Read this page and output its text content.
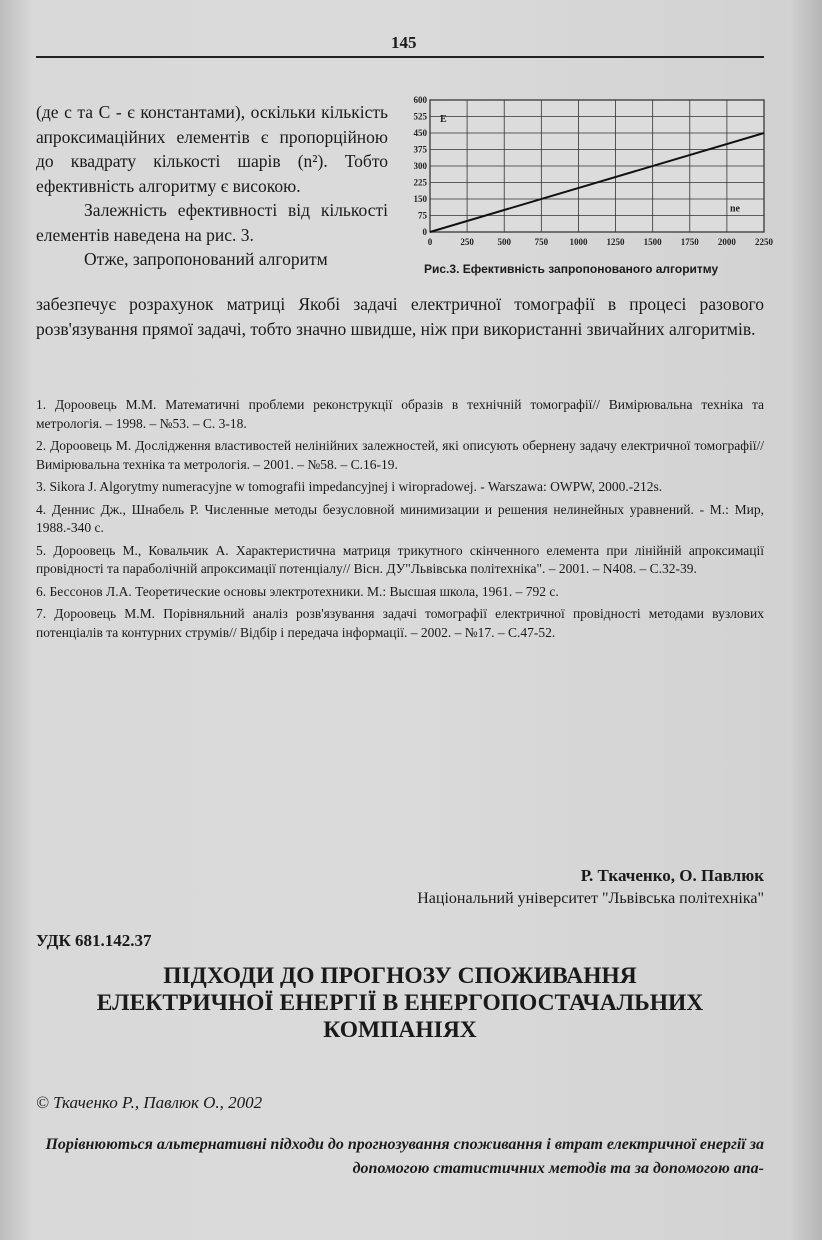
145

(де c та C - є константами), оскільки кількість апроксимаційних елементів є пропорційною до квадрату кількості шарів (n²). Тобто ефективність алгоритму є високою.

Залежність ефективності від кількості елементів наведена на рис. 3.

Отже, запропонований алгоритм

0
75
150
225
300
375
450
525
600
0	250	500	750 1000 1250 1500 1750 2000 2250
E
ne
Рис.3. Ефективність запропонованого алгоритму

забезпечує розрахунок матриці Якобі задачі електричної томографії в процесі разового розв'язування прямої задачі, тобто значно швидше, ніж при використанні звичайних алгоритмів.

1. Дороовець М.М. Математичні проблеми реконструкції образів в технічній томографії// Вимірювальна техніка та метрологія. – 1998. – №53. – С. 3-18.

2. Дороовець М. Дослідження властивостей нелінійних залежностей, які описують обернену задачу електричної томографії// Вимірювальна техніка та метрологія. – 2001. – №58. – С.16-19.

3. Sikora J. Algorytmy numeracyjne w tomografii impedancyjnej i wiropradowej. - Warszawa: OWPW, 2000.-212s.

4. Деннис Дж., Шнабель Р. Численные методы безусловной минимизации и решения нелинейных уравнений. - М.: Мир, 1988.-340 с.

5. Дороовець М., Ковальчик А. Характеристична матриця трикутного скінченного елемента при лінійній апроксимації провідності та параболічній апроксимації потенціалу// Вісн. ДУ"Львівська політехніка". – 2001. – N408. – С.32-39.

6. Бессонов Л.А. Теоретические основы электротехники. М.: Высшая школа, 1961. – 792 с.

7. Дороовець М.М. Порівняльний аналіз розв'язування задачі томографії електричної провідності методами вузлових потенціалів та контурних струмів// Відбір і передача інформації. – 2002. – №17. – С.47-52.

Р. Ткаченко, О. Павлюк
Національний університет "Львівська політехніка"
УДК 681.142.37
ПІДХОДИ ДО ПРОГНОЗУ СПОЖИВАННЯ
ЕЛЕКТРИЧНОЇ ЕНЕРГІЇ В ЕНЕРГОПОСТАЧАЛЬНИХ
КОМПАНІЯХ
© Ткаченко Р., Павлюк О., 2002

Порівнюються альтернативні підходи до прогнозування споживання і втрат електричної енергії за допомогою статистичних методів та за допомогою апа-
